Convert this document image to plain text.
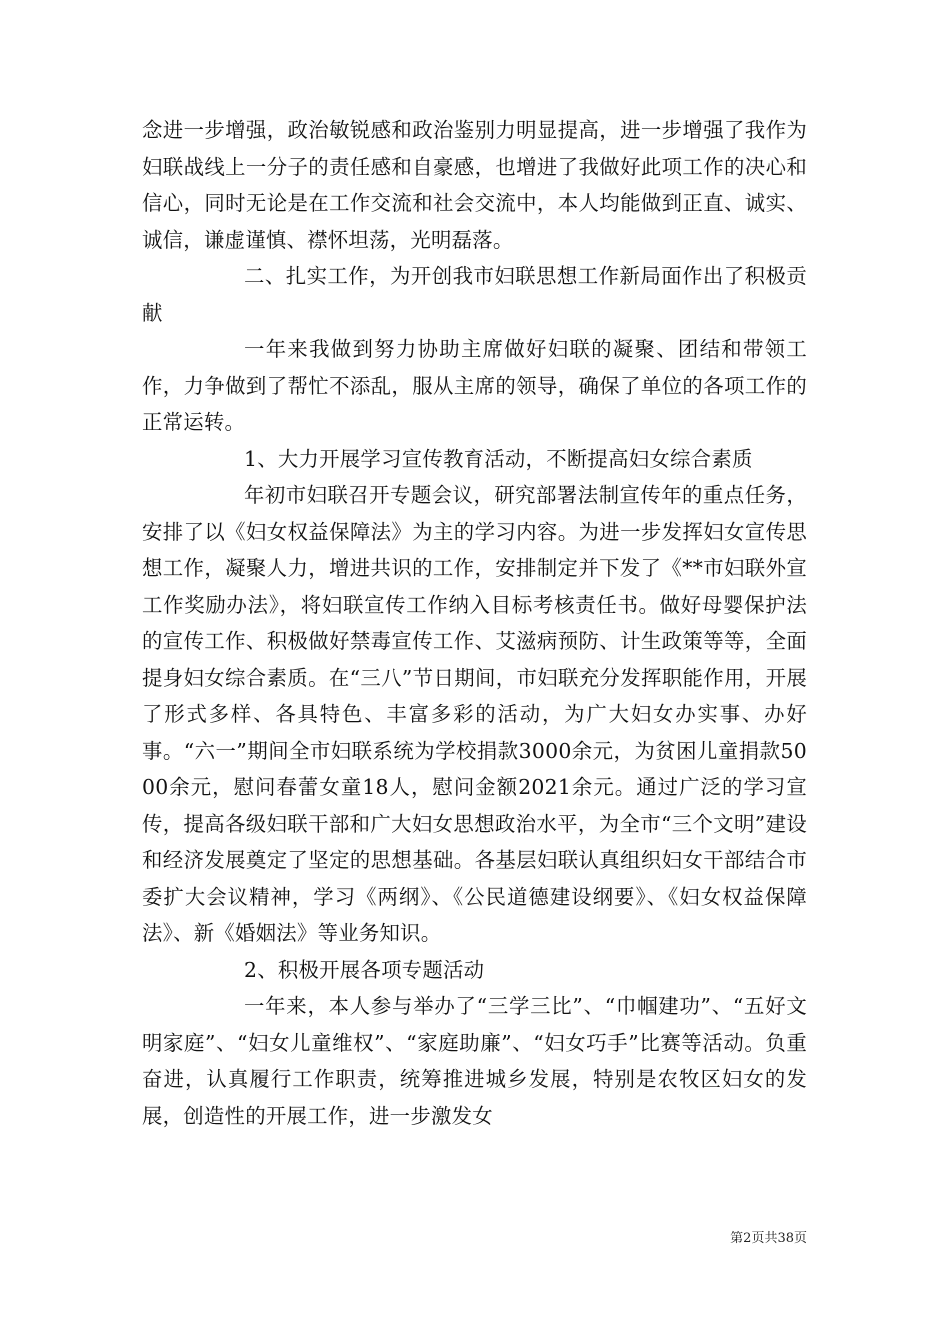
念进一步增强，政治敏锐感和政治鉴别力明显提高，进一步增强了我作为妇联战线上一分子的责任感和自豪感，也增进了我做好此项工作的决心和信心，同时无论是在工作交流和社会交流中，本人均能做到正直、诚实、诚信，谦虚谨慎、襟怀坦荡，光明磊落。

二、扎实工作，为开创我市妇联思想工作新局面作出了积极贡献

一年来我做到努力协助主席做好妇联的凝聚、团结和带领工作，力争做到了帮忙不添乱，服从主席的领导，确保了单位的各项工作的正常运转。

1、大力开展学习宣传教育活动，不断提高妇女综合素质

年初市妇联召开专题会议，研究部署法制宣传年的重点任务，安排了以《妇女权益保障法》为主的学习内容。为进一步发挥妇女宣传思想工作，凝聚人力，增进共识的工作，安排制定并下发了《**市妇联外宣工作奖励办法》，将妇联宣传工作纳入目标考核责任书。做好母婴保护法的宣传工作、积极做好禁毒宣传工作、艾滋病预防、计生政策等等，全面提身妇女综合素质。在“三八”节日期间，市妇联充分发挥职能作用，开展了形式多样、各具特色、丰富多彩的活动，为广大妇女办实事、办好事。“六一”期间全市妇联系统为学校捐款3000余元，为贫困儿童捐款5000余元，慰问春蕾女童18人，慰问金额2021余元。通过广泛的学习宣传，提高各级妇联干部和广大妇女思想政治水平，为全市“三个文明”建设和经济发展奠定了坚定的思想基础。各基层妇联认真组织妇女干部结合市委扩大会议精神，学习《两纲》、《公民道德建设纲要》、《妇女权益保障法》、新《婚姻法》等业务知识。

2、积极开展各项专题活动

一年来，本人参与举办了“三学三比”、“巾帼建功”、“五好文明家庭”、“妇女儿童维权”、“家庭助廉”、“妇女巧手”比赛等活动。负重奋进，认真履行工作职责，统筹推进城乡发展，特别是农牧区妇女的发展，创造性的开展工作，进一步激发女

第2页共38页
